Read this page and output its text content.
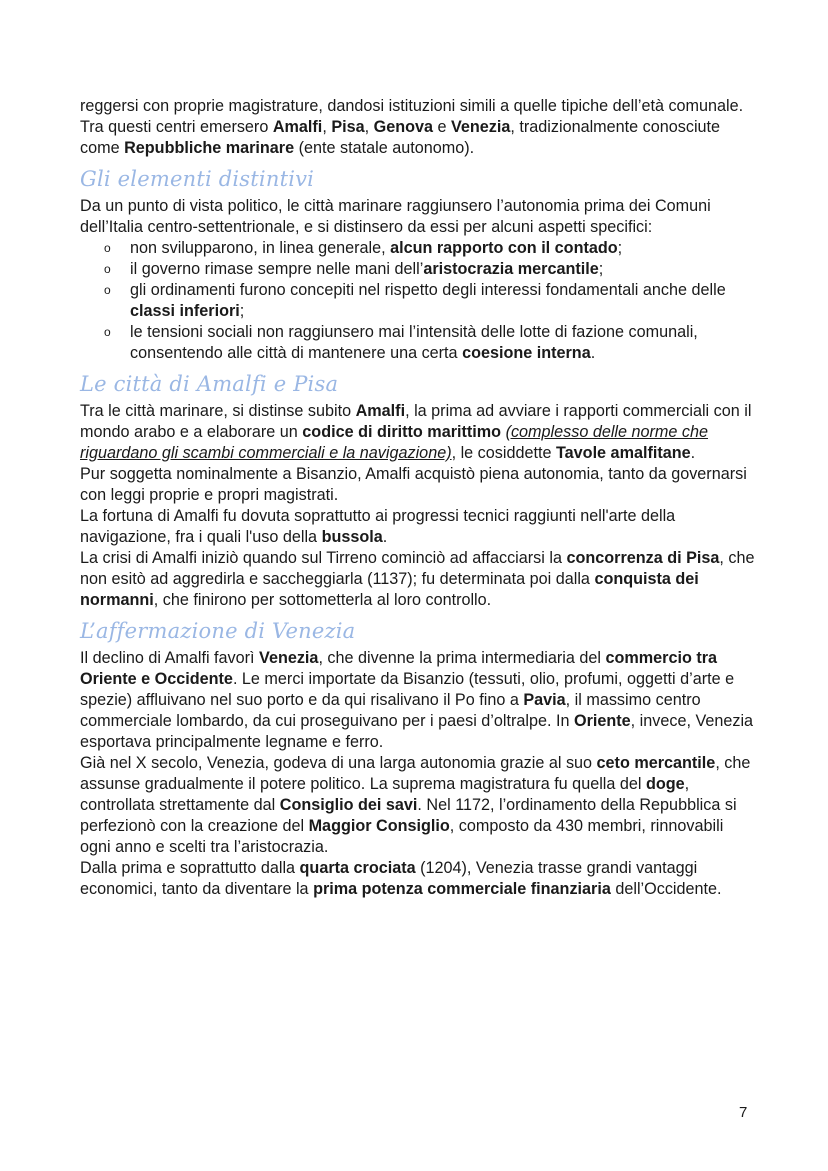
reggersi con proprie magistrature, dandosi istituzioni simili a quelle tipiche dell’età comunale. Tra questi centri emersero Amalfi, Pisa, Genova e Venezia, tradizionalmente conosciute come Repubbliche marinare (ente statale autonomo).

Gli elementi distintivi

Da un punto di vista politico, le città marinare raggiunsero l’autonomia prima dei Comuni dell’Italia centro-settentrionale, e si distinsero da essi per alcuni aspetti specifici:

o non svilupparono, in linea generale, alcun rapporto con il contado;
o il governo rimase sempre nelle mani dell’aristocrazia mercantile;
o gli ordinamenti furono concepiti nel rispetto degli interessi fondamentali anche delle classi inferiori;
o le tensioni sociali non raggiunsero mai l’intensità delle lotte di fazione comunali, consentendo alle città di mantenere una certa coesione interna.
Le città di Amalfi e Pisa

Tra le città marinare, si distinse subito Amalfi, la prima ad avviare i rapporti commerciali con il mondo arabo e a elaborare un codice di diritto marittimo (complesso delle norme che riguardano gli scambi commerciali e la navigazione), le cosiddette Tavole amalfitane.

Pur soggetta nominalmente a Bisanzio, Amalfi acquistò piena autonomia, tanto da governarsi con leggi proprie e propri magistrati.

La fortuna di Amalfi fu dovuta soprattutto ai progressi tecnici raggiunti nell'arte della navigazione, fra i quali l'uso della bussola.

La crisi di Amalfi iniziò quando sul Tirreno cominciò ad affacciarsi la concorrenza di Pisa, che non esitò ad aggredirla e saccheggiarla (1137); fu determinata poi dalla conquista dei normanni, che finirono per sottometterla al loro controllo.

L’affermazione di Venezia

Il declino di Amalfi favorì Venezia, che divenne la prima intermediaria del commercio tra Oriente e Occidente. Le merci importate da Bisanzio (tessuti, olio, profumi, oggetti d’arte e spezie) affluivano nel suo porto e da qui risalivano il Po fino a Pavia, il massimo centro commerciale lombardo, da cui proseguivano per i paesi d’oltralpe. In Oriente, invece, Venezia esportava principalmente legname e ferro.

Già nel X secolo, Venezia, godeva di una larga autonomia grazie al suo ceto mercantile, che assunse gradualmente il potere politico. La suprema magistratura fu quella del doge, controllata strettamente dal Consiglio dei savi. Nel 1172, l’ordinamento della Repubblica si perfezionò con la creazione del Maggior Consiglio, composto da 430 membri, rinnovabili ogni anno e scelti tra l’aristocrazia.

Dalla prima e soprattutto dalla quarta crociata (1204), Venezia trasse grandi vantaggi economici, tanto da diventare la prima potenza commerciale finanziaria dell’Occidente.

7
